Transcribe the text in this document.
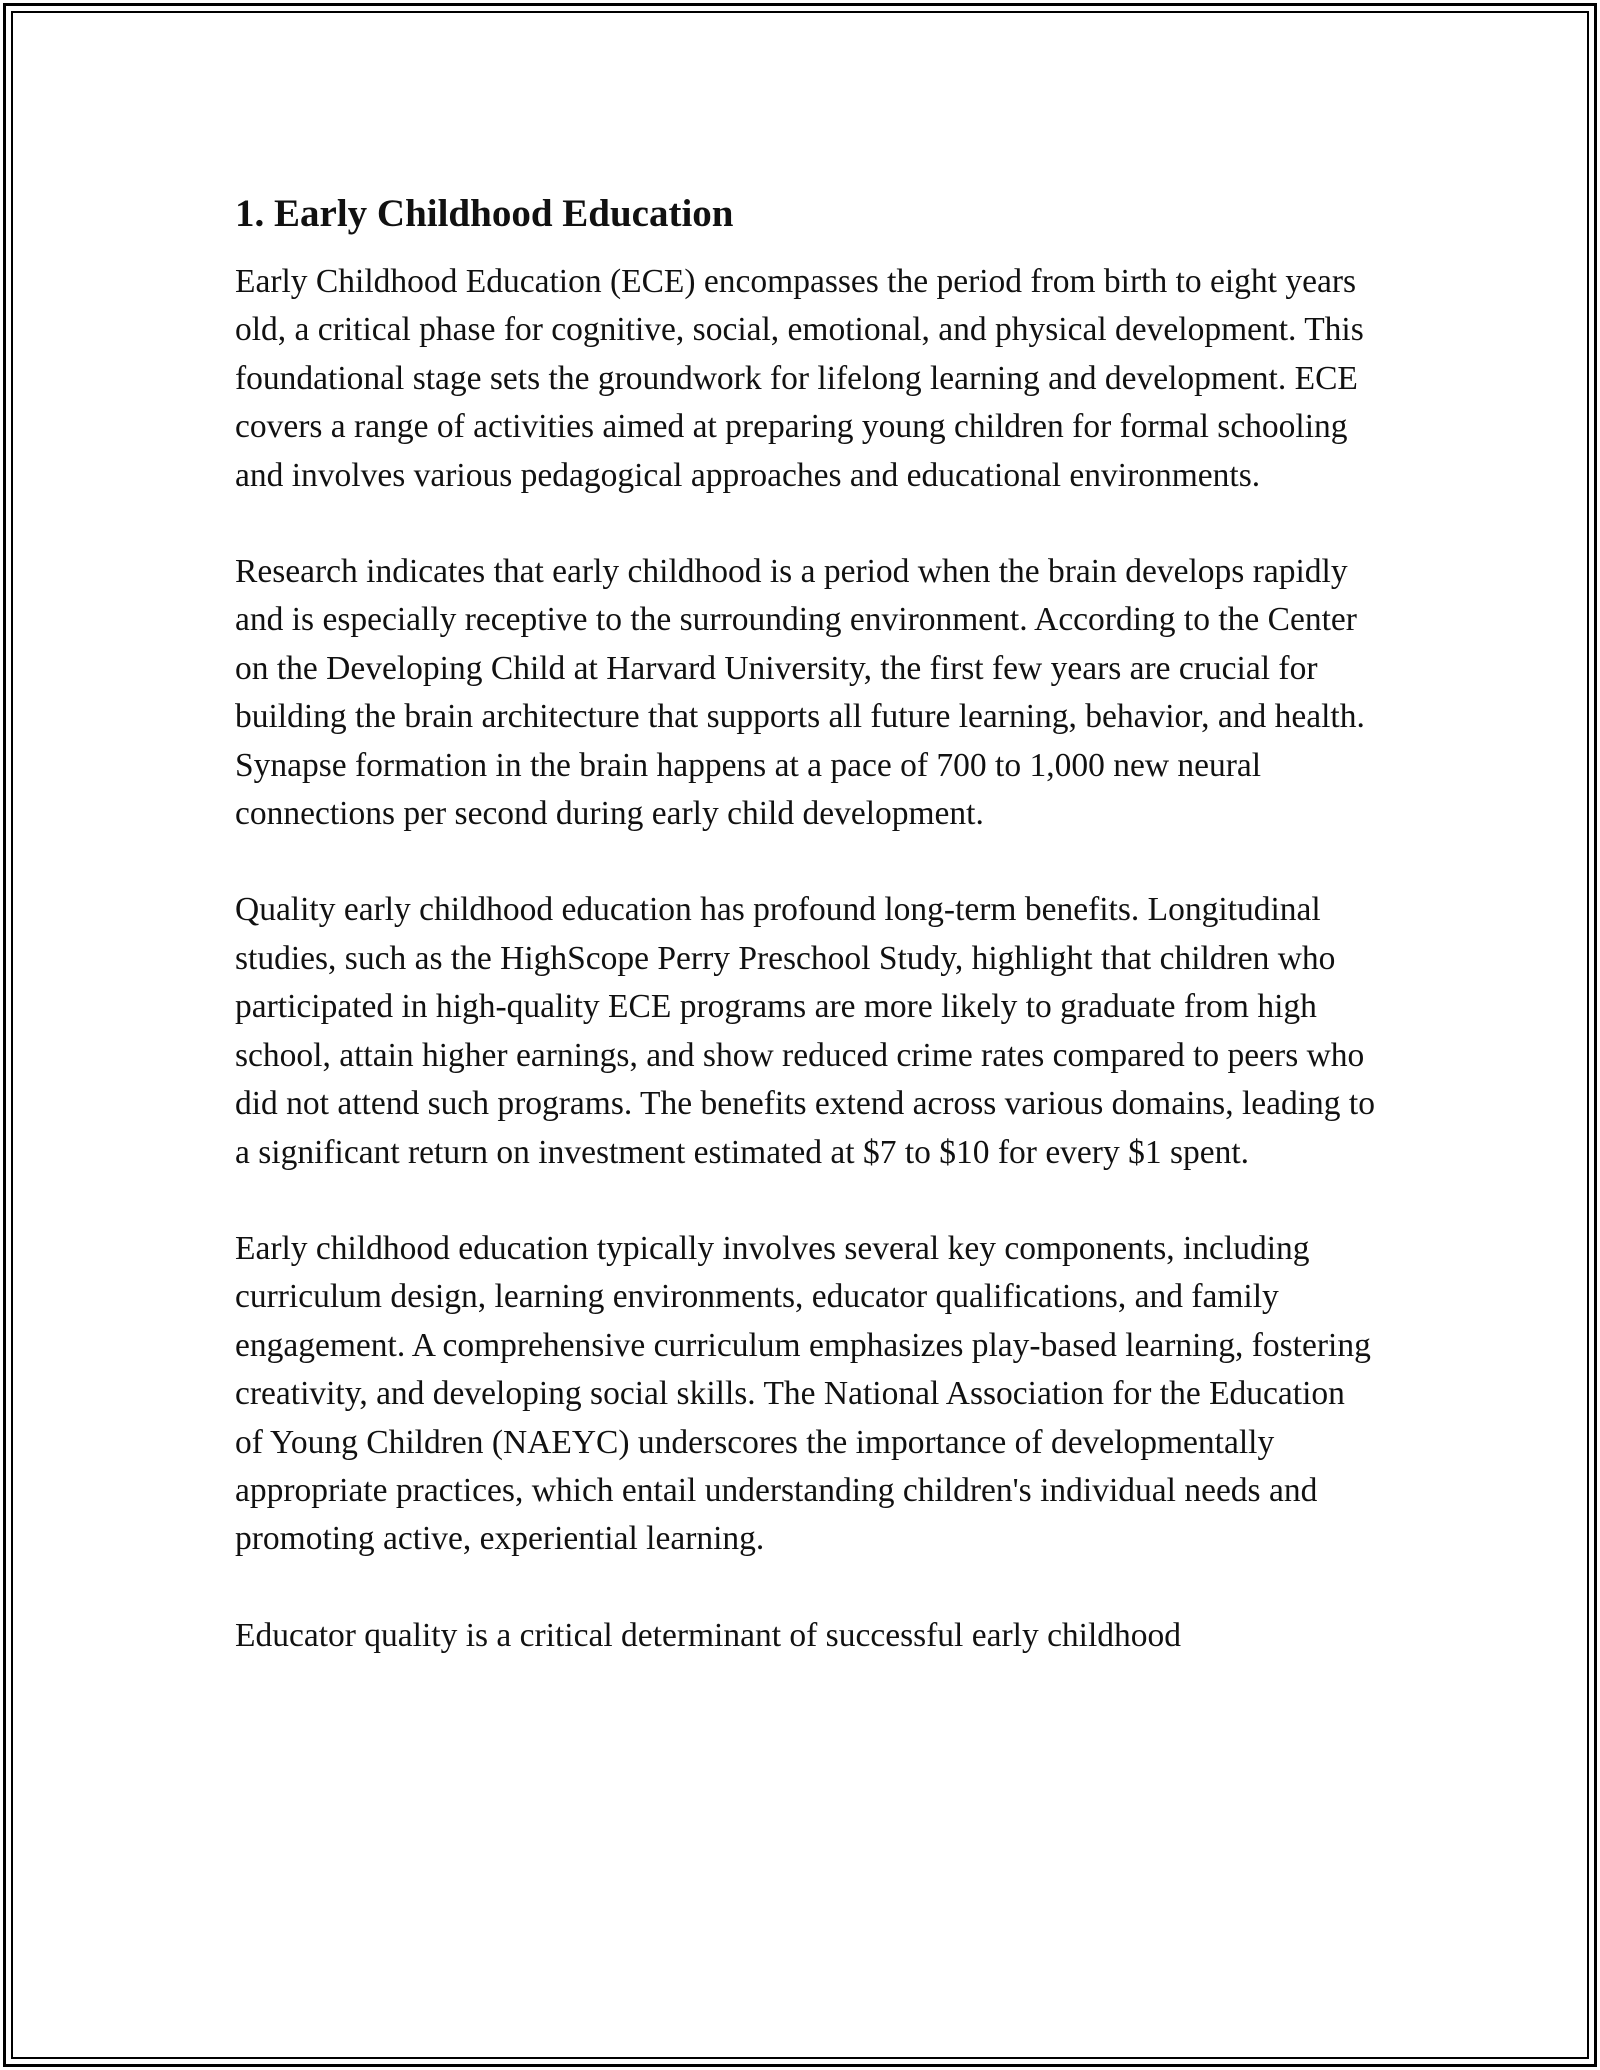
1. Early Childhood Education

Early Childhood Education (ECE) encompasses the period from birth to eight years old, a critical phase for cognitive, social, emotional, and physical development. This foundational stage sets the groundwork for lifelong learning and development. ECE covers a range of activities aimed at preparing young children for formal schooling and involves various pedagogical approaches and educational environments.

Research indicates that early childhood is a period when the brain develops rapidly and is especially receptive to the surrounding environment. According to the Center on the Developing Child at Harvard University, the first few years are crucial for building the brain architecture that supports all future learning, behavior, and health. Synapse formation in the brain happens at a pace of 700 to 1,000 new neural connections per second during early child development.

Quality early childhood education has profound long-term benefits. Longitudinal studies, such as the HighScope Perry Preschool Study, highlight that children who participated in high-quality ECE programs are more likely to graduate from high school, attain higher earnings, and show reduced crime rates compared to peers who did not attend such programs. The benefits extend across various domains, leading to a significant return on investment estimated at $7 to $10 for every $1 spent.

Early childhood education typically involves several key components, including curriculum design, learning environments, educator qualifications, and family engagement. A comprehensive curriculum emphasizes play-based learning, fostering creativity, and developing social skills. The National Association for the Education of Young Children (NAEYC) underscores the importance of developmentally appropriate practices, which entail understanding children's individual needs and promoting active, experiential learning.

Educator quality is a critical determinant of successful early childhood
